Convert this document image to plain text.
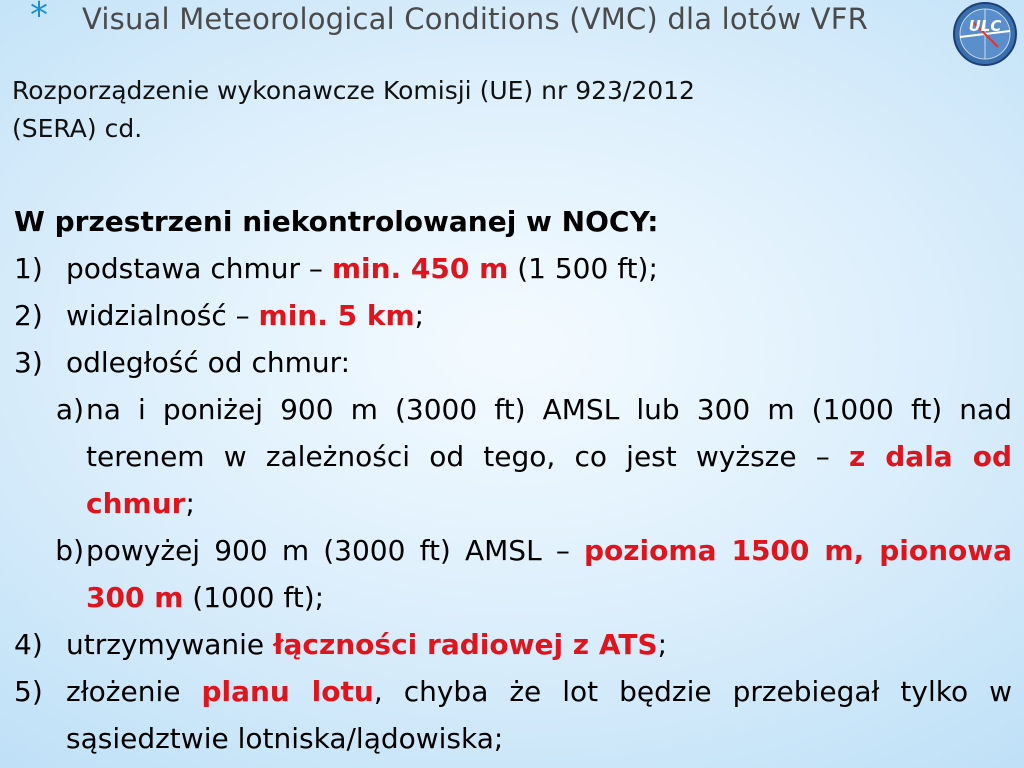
* Visual Meteorological Conditions (VMC) dla lotów VFR	ULC
Rozporządzenie wykonawcze Komisji (UE) nr 923/2012
(SERA) cd.
W przestrzeni niekontrolowanej w NOCY:
1) podstawa chmur – min. 450 m (1 500 ft);
2) widzialność – min. 5 km;
3) odległość od chmur:
a) na i poniżej 900 m (3000 ft) AMSL lub 300 m (1000 ft) nad terenem w zależności od tego, co jest wyższe – z dala od chmur;
b) powyżej 900 m (3000 ft) AMSL – pozioma 1500 m, pionowa 300 m (1000 ft);
4) utrzymywanie łączności radiowej z ATS;
5) złożenie planu lotu, chyba że lot będzie przebiegał tylko w sąsiedztwie lotniska/lądowiska;
